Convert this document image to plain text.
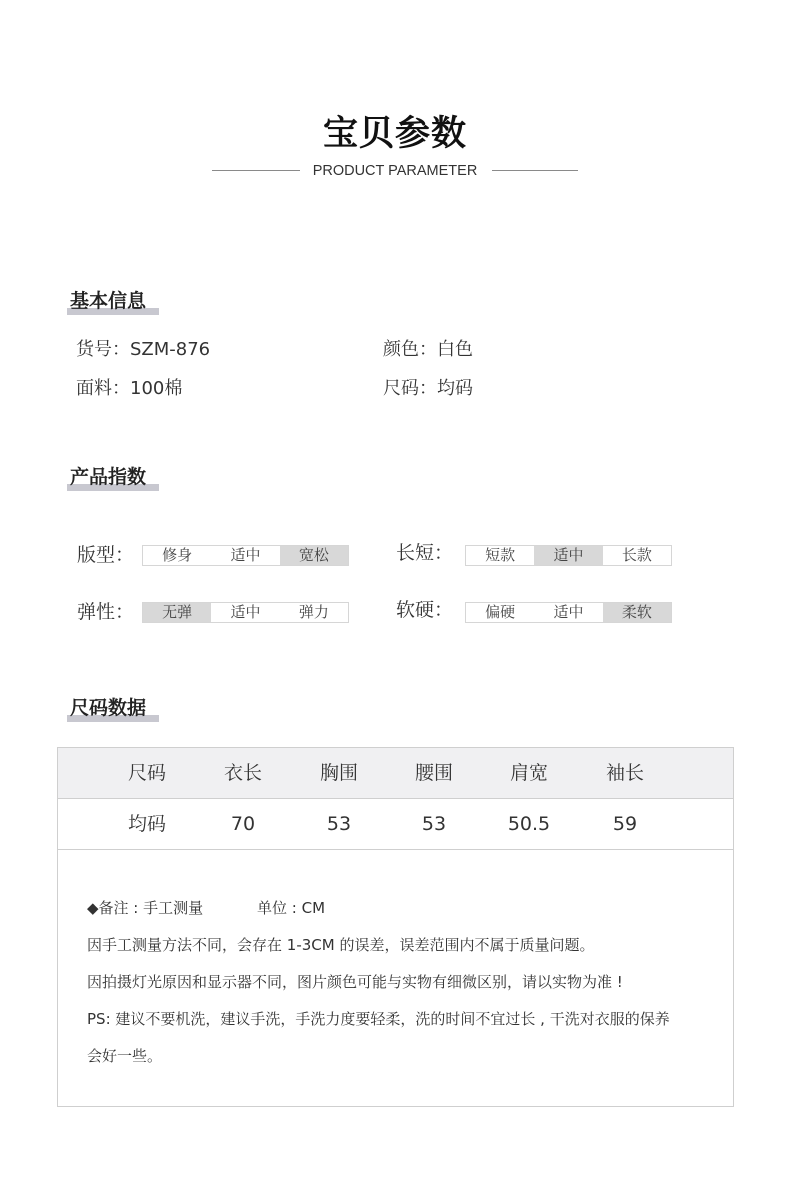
宝贝参数
PRODUCT PARAMETER
基本信息
货号：SZM-876	颜色：白色
面料：100棉	尺码：均码
产品指数
版型：	修身	适中	宽松	长短：	短款	适中	长款
弹性：	无弹	适中	弹力	软硬：	偏硬	适中	柔软
尺码数据
尺码	衣长	胸围	腰围	肩宽	袖长
均码	70	53	53	50.5	59
◆备注 : 手工测量	单位 : CM
因手工测量方法不同，会存在 1-3CM 的误差，误差范围内不属于质量问题。
因拍摄灯光原因和显示器不同，图片颜色可能与实物有细微区别，请以实物为准 !
PS: 建议不要机洗，建议手洗，手洗力度要轻柔，洗的时间不宜过长 , 干洗对衣服的保养
会好一些。
